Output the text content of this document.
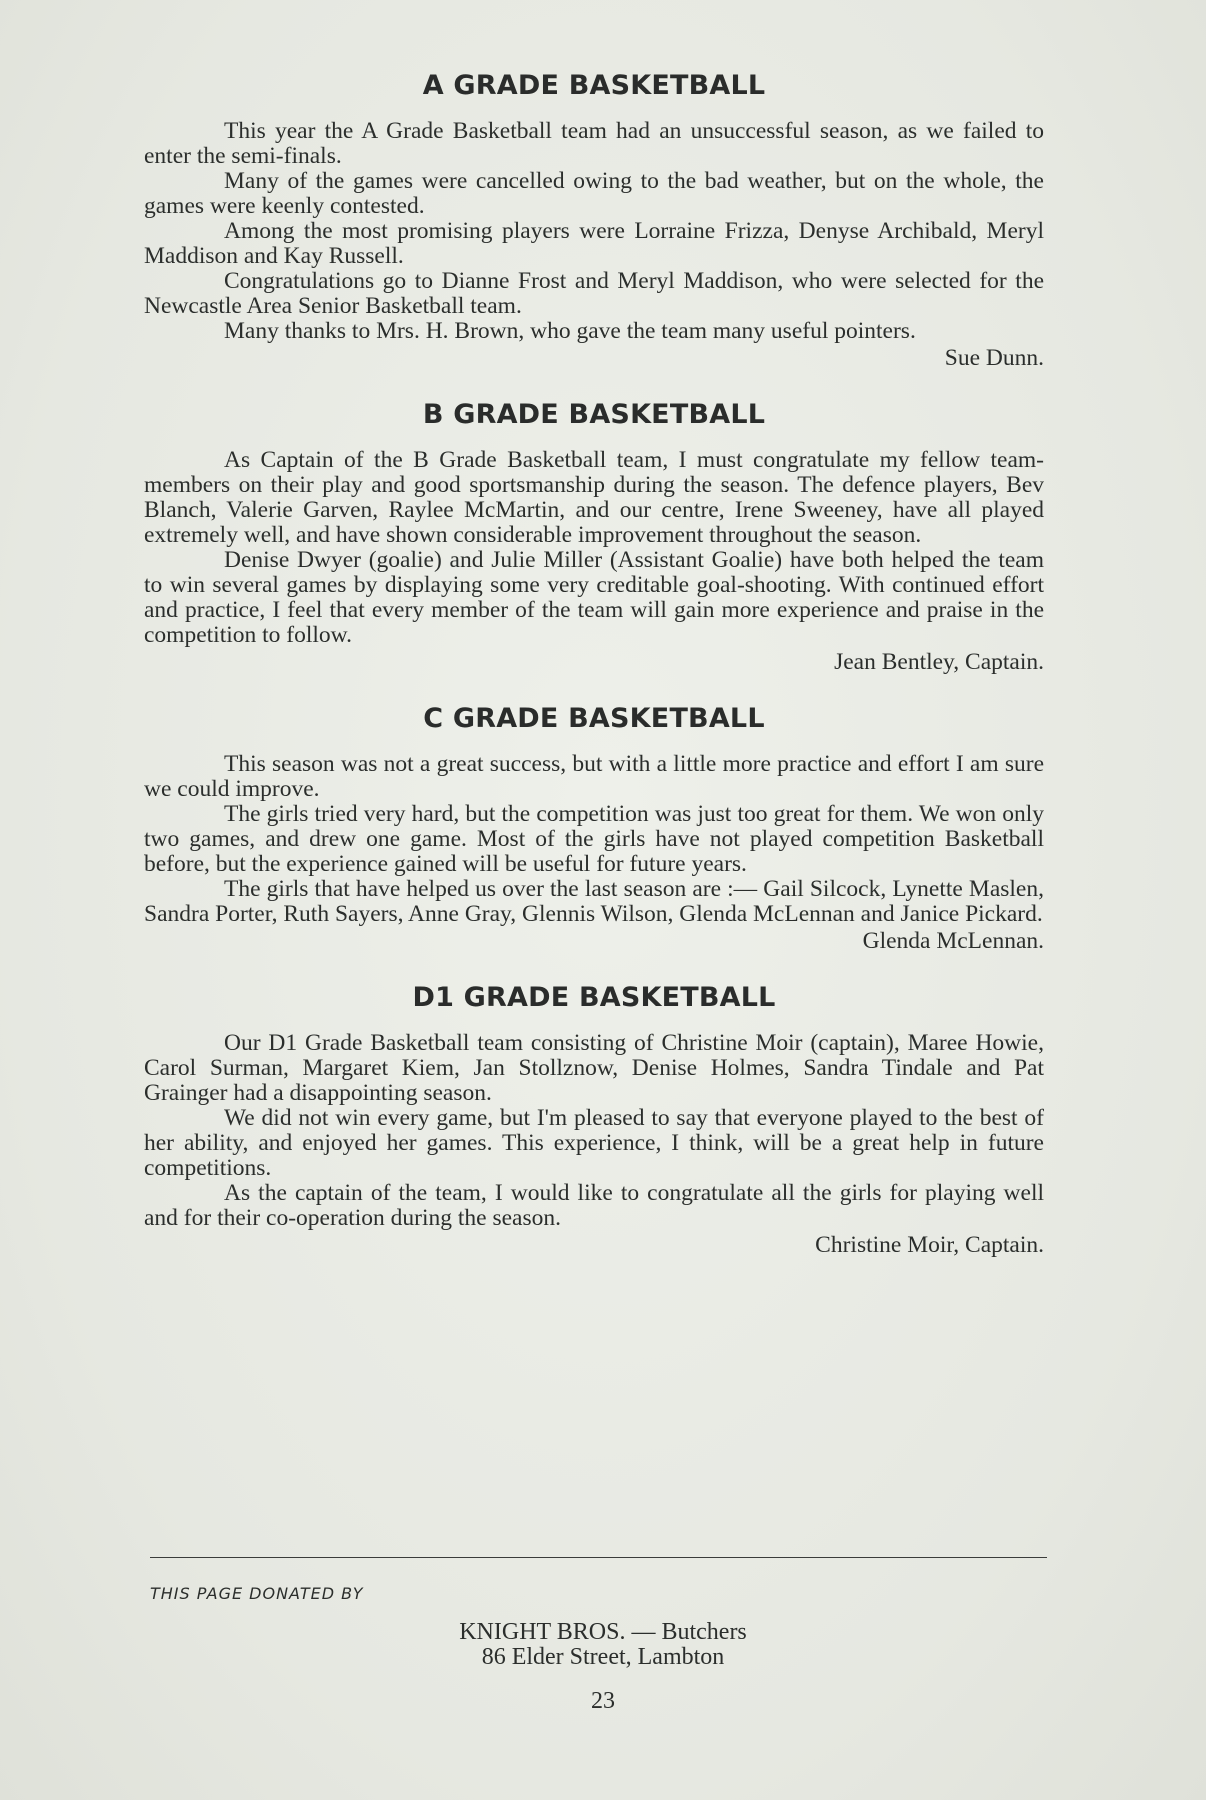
A GRADE BASKETBALL

This year the A Grade Basketball team had an unsuccessful season, as we failed to enter the semi-finals.

Many of the games were cancelled owing to the bad weather, but on the whole, the games were keenly contested.

Among the most promising players were Lorraine Frizza, Denyse Archibald, Meryl Maddison and Kay Russell.

Congratulations go to Dianne Frost and Meryl Maddison, who were selected for the Newcastle Area Senior Basketball team.

Many thanks to Mrs. H. Brown, who gave the team many useful pointers.

Sue Dunn.

B GRADE BASKETBALL

As Captain of the B Grade Basketball team, I must congratulate my fellow team-members on their play and good sportsmanship during the season. The defence players, Bev Blanch, Valerie Garven, Raylee McMartin, and our centre, Irene Sweeney, have all played extremely well, and have shown considerable improvement throughout the season.

Denise Dwyer (goalie) and Julie Miller (Assistant Goalie) have both helped the team to win several games by displaying some very creditable goal-shooting. With continued effort and practice, I feel that every member of the team will gain more experience and praise in the competition to follow.

Jean Bentley, Captain.

C GRADE BASKETBALL

This season was not a great success, but with a little more practice and effort I am sure we could improve.

The girls tried very hard, but the competition was just too great for them. We won only two games, and drew one game. Most of the girls have not played competition Basketball before, but the experience gained will be useful for future years.

The girls that have helped us over the last season are :— Gail Silcock, Lynette Maslen, Sandra Porter, Ruth Sayers, Anne Gray, Glennis Wilson, Glenda McLennan and Janice Pickard.

Glenda McLennan.

D1 GRADE BASKETBALL

Our D1 Grade Basketball team consisting of Christine Moir (captain), Maree Howie, Carol Surman, Margaret Kiem, Jan Stollznow, Denise Holmes, Sandra Tindale and Pat Grainger had a disappointing season.

We did not win every game, but I'm pleased to say that everyone played to the best of her ability, and enjoyed her games. This experience, I think, will be a great help in future competitions.

As the captain of the team, I would like to congratulate all the girls for playing well and for their co-operation during the season.

Christine Moir, Captain.

THIS PAGE DONATED BY
KNIGHT BROS. — Butchers
86 Elder Street, Lambton
23
